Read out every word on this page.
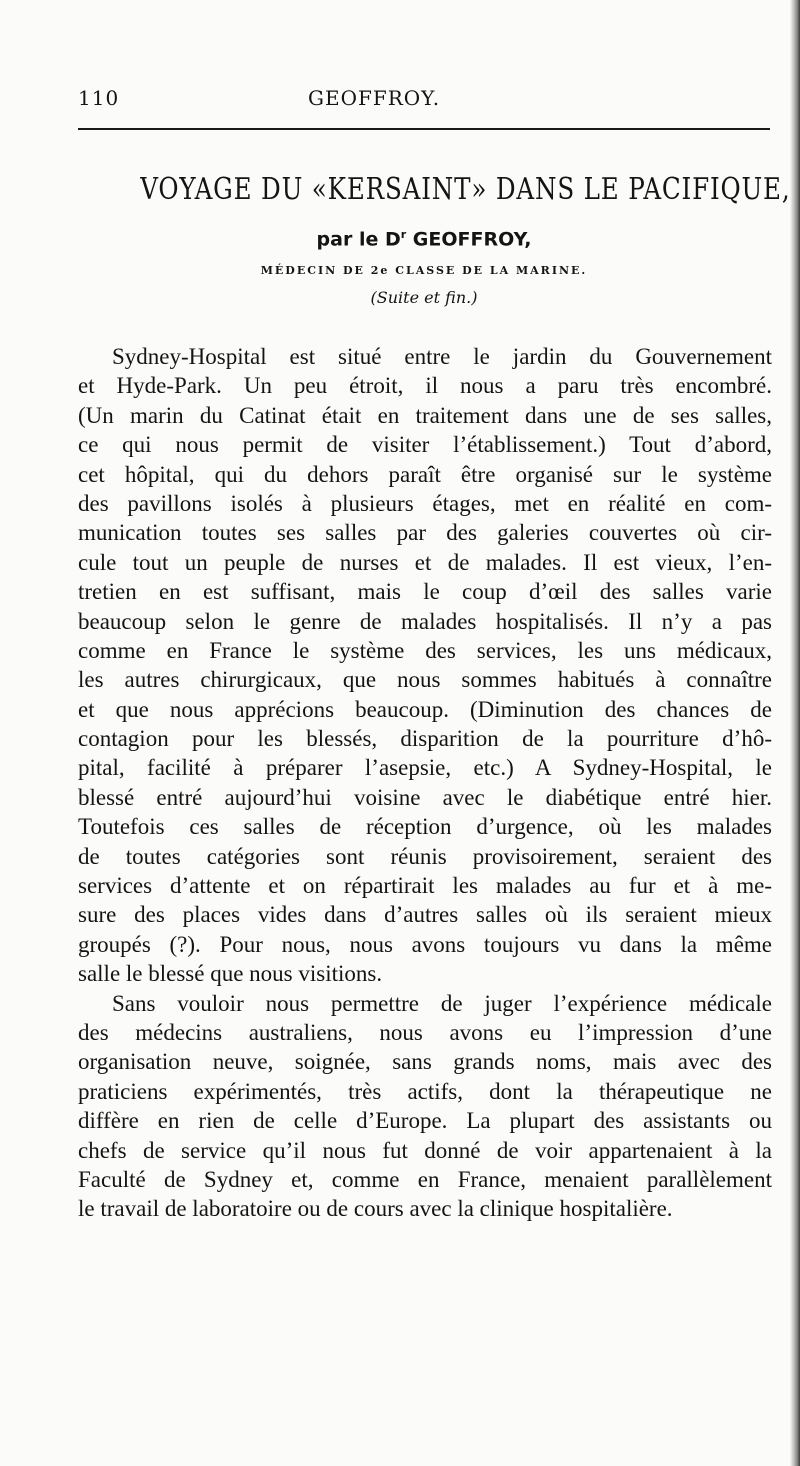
110	GEOFFROY.
VOYAGE DU «KERSAINT» DANS LE PACIFIQUE,
par le $D^r$ GEOFFROY,
MÉDECIN DE 2e CLASSE DE LA MARINE.
(Suite et fin.)
Sydney-Hospital est situé entre le jardin du Gouvernement
et Hyde-Park. Un peu étroit, il nous a paru très encombré.
(Un marin du Catinat était en traitement dans une de ses salles,
ce qui nous permit de visiter l’établissement.) Tout d’abord,
cet hôpital, qui du dehors paraît être organisé sur le système
des pavillons isolés à plusieurs étages, met en réalité en com-
munication toutes ses salles par des galeries couvertes où cir-
cule tout un peuple de nurses et de malades. Il est vieux, l’en-
tretien en est suffisant, mais le coup d’œil des salles varie
beaucoup selon le genre de malades hospitalisés. Il n’y a pas
comme en France le système des services, les uns médicaux,
les autres chirurgicaux, que nous sommes habitués à connaître
et que nous apprécions beaucoup. (Diminution des chances de
contagion pour les blessés, disparition de la pourriture d’hô-
pital, facilité à préparer l’asepsie, etc.) A Sydney-Hospital, le
blessé entré aujourd’hui voisine avec le diabétique entré hier.
Toutefois ces salles de réception d’urgence, où les malades
de toutes catégories sont réunis provisoirement, seraient des
services d’attente et on répartirait les malades au fur et à me-
sure des places vides dans d’autres salles où ils seraient mieux
groupés (?). Pour nous, nous avons toujours vu dans la même
salle le blessé que nous visitions.
Sans vouloir nous permettre de juger l’expérience médicale
des médecins australiens, nous avons eu l’impression d’une
organisation neuve, soignée, sans grands noms, mais avec des
praticiens expérimentés, très actifs, dont la thérapeutique ne
diffère en rien de celle d’Europe. La plupart des assistants ou
chefs de service qu’il nous fut donné de voir appartenaient à la
Faculté de Sydney et, comme en France, menaient parallèlement
le travail de laboratoire ou de cours avec la clinique hospitalière.
